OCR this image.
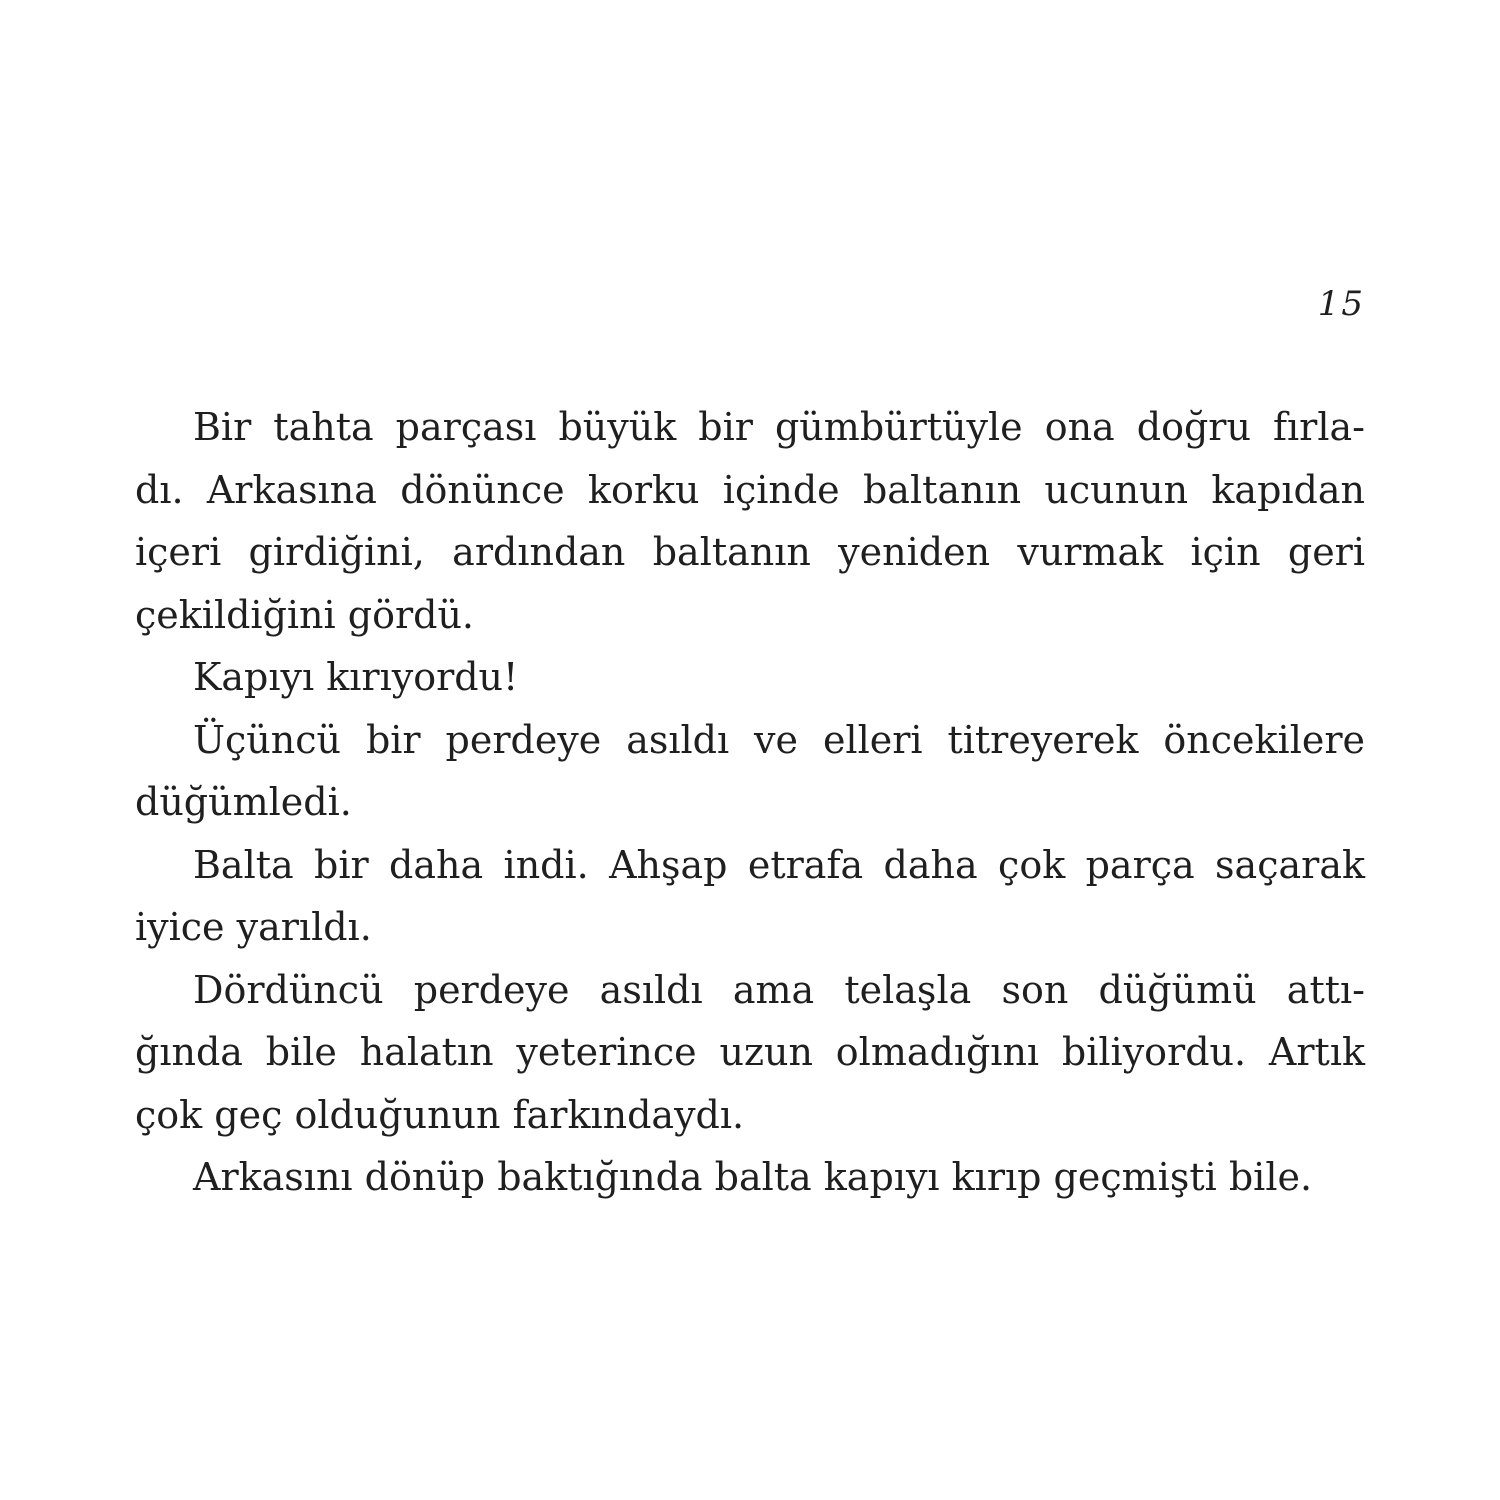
15
Bir tahta parçası büyük bir gümbürtüyle ona doğru fırla-
dı. Arkasına dönünce korku içinde baltanın ucunun kapıdan
içeri girdiğini, ardından baltanın yeniden vurmak için geri
çekildiğini gördü.
Kapıyı kırıyordu!
Üçüncü bir perdeye asıldı ve elleri titreyerek öncekilere
düğümledi.
Balta bir daha indi. Ahşap etrafa daha çok parça saçarak
iyice yarıldı.
Dördüncü perdeye asıldı ama telaşla son düğümü attı-
ğında bile halatın yeterince uzun olmadığını biliyordu. Artık
çok geç olduğunun farkındaydı.
Arkasını dönüp baktığında balta kapıyı kırıp geçmişti bile.
